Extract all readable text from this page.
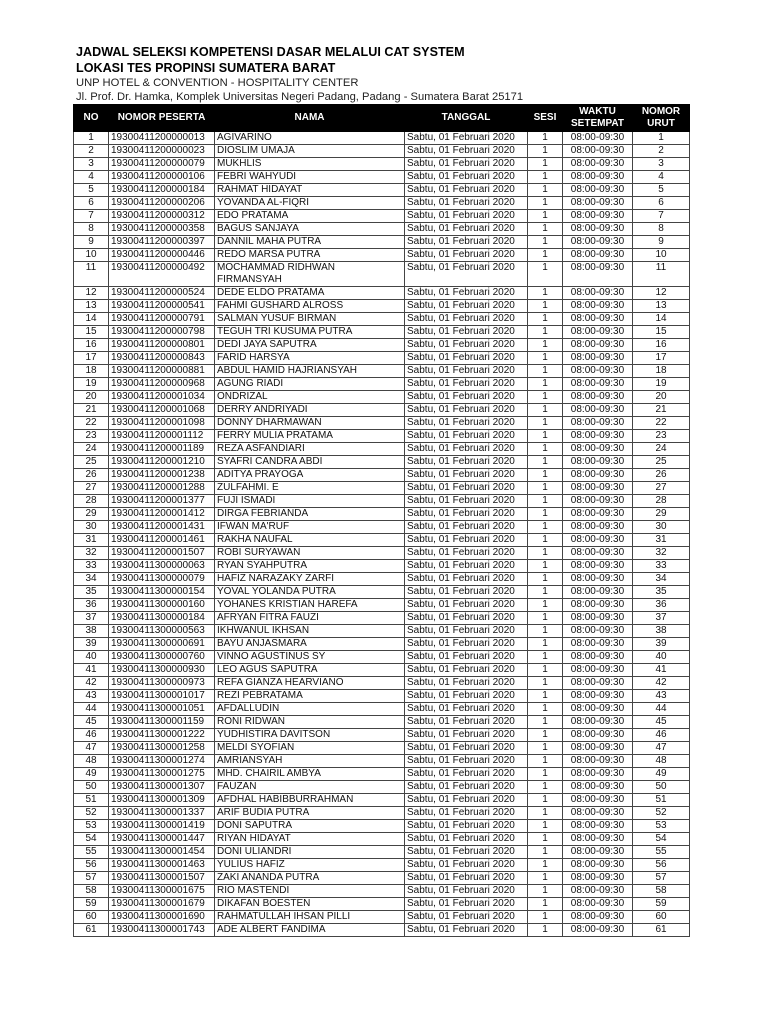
JADWAL SELEKSI KOMPETENSI DASAR MELALUI CAT SYSTEM
LOKASI TES PROPINSI SUMATERA BARAT
UNP HOTEL & CONVENTION - HOSPITALITY CENTER
Jl. Prof. Dr. Hamka, Komplek Universitas Negeri Padang, Padang - Sumatera Barat 25171
NO	NOMOR PESERTA	NAMA	TANGGAL	SESI	WAKTU SETEMPAT	NOMOR URUT
1	19300411200000013	AGIVARINO	Sabtu, 01 Februari 2020	1	08:00-09:30	1
2	19300411200000023	DIOSLIM UMAJA	Sabtu, 01 Februari 2020	1	08:00-09:30	2
3	19300411200000079	MUKHLIS	Sabtu, 01 Februari 2020	1	08:00-09:30	3
4	19300411200000106	FEBRI WAHYUDI	Sabtu, 01 Februari 2020	1	08:00-09:30	4
5	19300411200000184	RAHMAT HIDAYAT	Sabtu, 01 Februari 2020	1	08:00-09:30	5
6	19300411200000206	YOVANDA AL-FIQRI	Sabtu, 01 Februari 2020	1	08:00-09:30	6
7	19300411200000312	EDO PRATAMA	Sabtu, 01 Februari 2020	1	08:00-09:30	7
8	19300411200000358	BAGUS SANJAYA	Sabtu, 01 Februari 2020	1	08:00-09:30	8
9	19300411200000397	DANNIL MAHA PUTRA	Sabtu, 01 Februari 2020	1	08:00-09:30	9
10	19300411200000446	REDO MARSA PUTRA	Sabtu, 01 Februari 2020	1	08:00-09:30	10
11	19300411200000492	MOCHAMMAD RIDHWAN FIRMANSYAH	Sabtu, 01 Februari 2020	1	08:00-09:30	11
12	19300411200000524	DEDE ELDO PRATAMA	Sabtu, 01 Februari 2020	1	08:00-09:30	12
13	19300411200000541	FAHMI GUSHARD ALROSS	Sabtu, 01 Februari 2020	1	08:00-09:30	13
14	19300411200000791	SALMAN YUSUF BIRMAN	Sabtu, 01 Februari 2020	1	08:00-09:30	14
15	19300411200000798	TEGUH TRI KUSUMA PUTRA	Sabtu, 01 Februari 2020	1	08:00-09:30	15
16	19300411200000801	DEDI JAYA SAPUTRA	Sabtu, 01 Februari 2020	1	08:00-09:30	16
17	19300411200000843	FARID HARSYA	Sabtu, 01 Februari 2020	1	08:00-09:30	17
18	19300411200000881	ABDUL HAMID HAJRIANSYAH	Sabtu, 01 Februari 2020	1	08:00-09:30	18
19	19300411200000968	AGUNG RIADI	Sabtu, 01 Februari 2020	1	08:00-09:30	19
20	19300411200001034	ONDRIZAL	Sabtu, 01 Februari 2020	1	08:00-09:30	20
21	19300411200001068	DERRY ANDRIYADI	Sabtu, 01 Februari 2020	1	08:00-09:30	21
22	19300411200001098	DONNY DHARMAWAN	Sabtu, 01 Februari 2020	1	08:00-09:30	22
23	19300411200001112	FERRY MULIA PRATAMA	Sabtu, 01 Februari 2020	1	08:00-09:30	23
24	19300411200001189	REZA ASFANDIARI	Sabtu, 01 Februari 2020	1	08:00-09:30	24
25	19300411200001210	SYAFRI CANDRA ABDI	Sabtu, 01 Februari 2020	1	08:00-09:30	25
26	19300411200001238	ADITYA PRAYOGA	Sabtu, 01 Februari 2020	1	08:00-09:30	26
27	19300411200001288	ZULFAHMI. E	Sabtu, 01 Februari 2020	1	08:00-09:30	27
28	19300411200001377	FUJI ISMADI	Sabtu, 01 Februari 2020	1	08:00-09:30	28
29	19300411200001412	DIRGA FEBRIANDA	Sabtu, 01 Februari 2020	1	08:00-09:30	29
30	19300411200001431	IFWAN MA'RUF	Sabtu, 01 Februari 2020	1	08:00-09:30	30
31	19300411200001461	RAKHA NAUFAL	Sabtu, 01 Februari 2020	1	08:00-09:30	31
32	19300411200001507	ROBI SURYAWAN	Sabtu, 01 Februari 2020	1	08:00-09:30	32
33	19300411300000063	RYAN SYAHPUTRA	Sabtu, 01 Februari 2020	1	08:00-09:30	33
34	19300411300000079	HAFIZ NARAZAKY ZARFI	Sabtu, 01 Februari 2020	1	08:00-09:30	34
35	19300411300000154	YOVAL YOLANDA PUTRA	Sabtu, 01 Februari 2020	1	08:00-09:30	35
36	19300411300000160	YOHANES KRISTIAN HAREFA	Sabtu, 01 Februari 2020	1	08:00-09:30	36
37	19300411300000184	AFRYAN FITRA FAUZI	Sabtu, 01 Februari 2020	1	08:00-09:30	37
38	19300411300000563	IKHWANUL IKHSAN	Sabtu, 01 Februari 2020	1	08:00-09:30	38
39	19300411300000691	BAYU ANJASMARA	Sabtu, 01 Februari 2020	1	08:00-09:30	39
40	19300411300000760	VINNO AGUSTINUS SY	Sabtu, 01 Februari 2020	1	08:00-09:30	40
41	19300411300000930	LEO AGUS SAPUTRA	Sabtu, 01 Februari 2020	1	08:00-09:30	41
42	19300411300000973	REFA GIANZA HEARVIANO	Sabtu, 01 Februari 2020	1	08:00-09:30	42
43	19300411300001017	REZI PEBRATAMA	Sabtu, 01 Februari 2020	1	08:00-09:30	43
44	19300411300001051	AFDALLUDIN	Sabtu, 01 Februari 2020	1	08:00-09:30	44
45	19300411300001159	RONI RIDWAN	Sabtu, 01 Februari 2020	1	08:00-09:30	45
46	19300411300001222	YUDHISTIRA DAVITSON	Sabtu, 01 Februari 2020	1	08:00-09:30	46
47	19300411300001258	MELDI SYOFIAN	Sabtu, 01 Februari 2020	1	08:00-09:30	47
48	19300411300001274	AMRIANSYAH	Sabtu, 01 Februari 2020	1	08:00-09:30	48
49	19300411300001275	MHD. CHAIRIL AMBYA	Sabtu, 01 Februari 2020	1	08:00-09:30	49
50	19300411300001307	FAUZAN	Sabtu, 01 Februari 2020	1	08:00-09:30	50
51	19300411300001309	AFDHAL HABIBBURRAHMAN	Sabtu, 01 Februari 2020	1	08:00-09:30	51
52	19300411300001337	ARIF BUDIA PUTRA	Sabtu, 01 Februari 2020	1	08:00-09:30	52
53	19300411300001419	DONI SAPUTRA	Sabtu, 01 Februari 2020	1	08:00-09:30	53
54	19300411300001447	RIYAN HIDAYAT	Sabtu, 01 Februari 2020	1	08:00-09:30	54
55	19300411300001454	DONI ULIANDRI	Sabtu, 01 Februari 2020	1	08:00-09:30	55
56	19300411300001463	YULIUS HAFIZ	Sabtu, 01 Februari 2020	1	08:00-09:30	56
57	19300411300001507	ZAKI ANANDA PUTRA	Sabtu, 01 Februari 2020	1	08:00-09:30	57
58	19300411300001675	RIO MASTENDI	Sabtu, 01 Februari 2020	1	08:00-09:30	58
59	19300411300001679	DIKAFAN BOESTEN	Sabtu, 01 Februari 2020	1	08:00-09:30	59
60	19300411300001690	RAHMATULLAH IHSAN PILLI	Sabtu, 01 Februari 2020	1	08:00-09:30	60
61	19300411300001743	ADE ALBERT FANDIMA	Sabtu, 01 Februari 2020	1	08:00-09:30	61
